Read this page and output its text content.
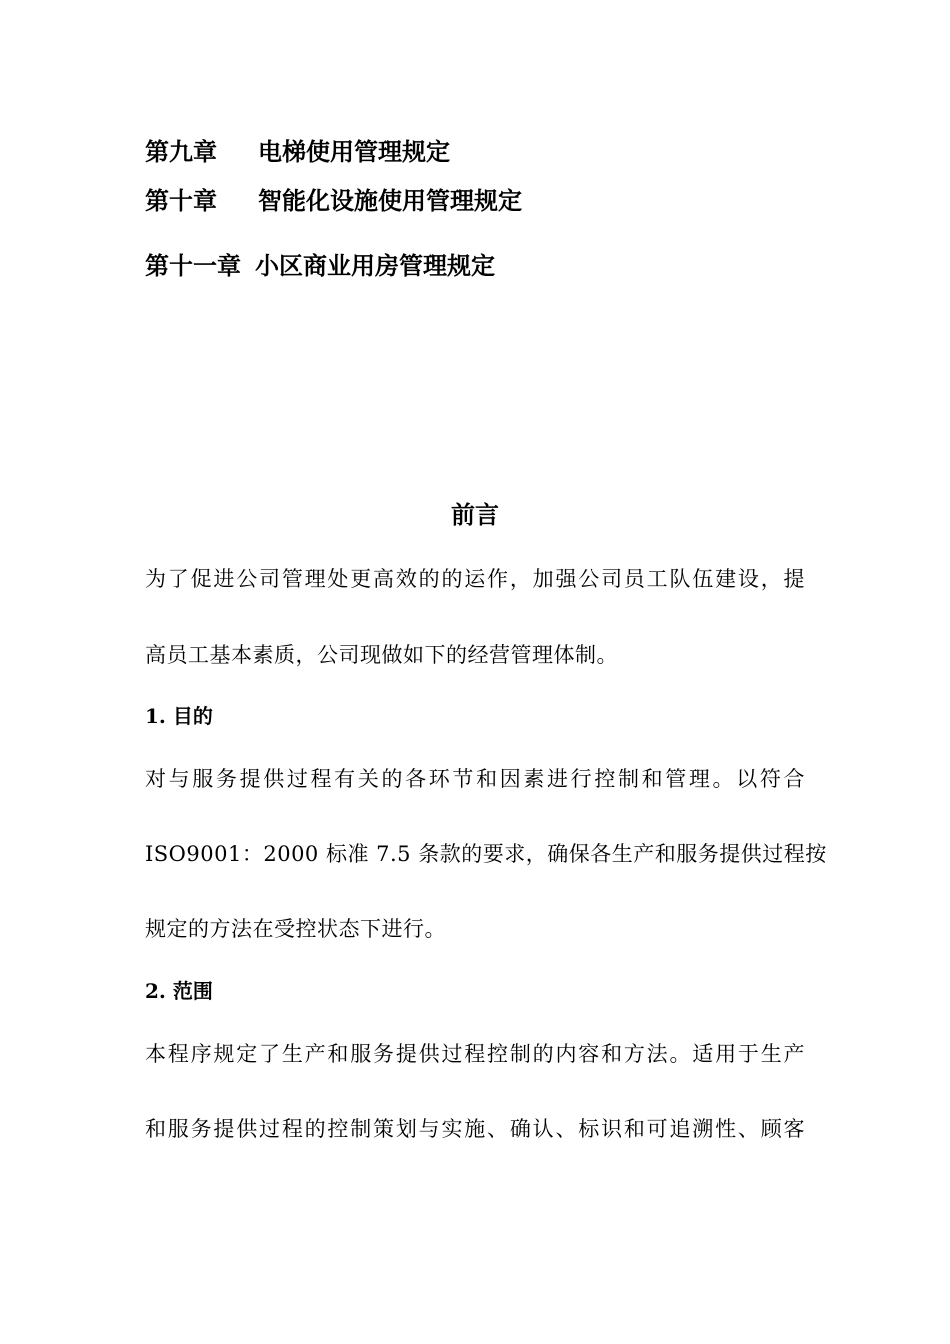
第九章 电梯使用管理规定
第十章 智能化设施使用管理规定
第十一章 小区商业用房管理规定
前言
为了促进公司管理处更高效的的运作，加强公司员工队伍建设，提
高员工基本素质，公司现做如下的经营管理体制。
1. 目的
对与服务提供过程有关的各环节和因素进行控制和管理。以符合
ISO9001：2000 标准 7.5 条款的要求，确保各生产和服务提供过程按
规定的方法在受控状态下进行。
2. 范围
本程序规定了生产和服务提供过程控制的内容和方法。适用于生产
和服务提供过程的控制策划与实施、确认、标识和可追溯性、顾客
